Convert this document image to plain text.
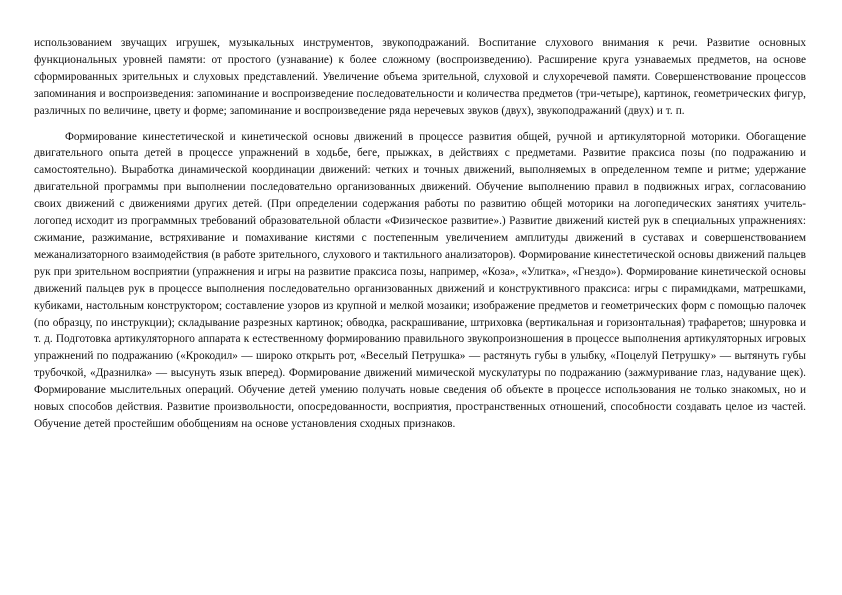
использованием звучащих игрушек, музыкальных инструментов, звукоподражаний. Воспитание слухового внимания к речи. Развитие основных функциональных уровней памяти: от простого (узнавание) к более сложному (воспроизведению). Расширение круга узнаваемых предметов, на основе сформированных зрительных и слуховых представлений. Увеличение объема зрительной, слуховой и слухоречевой памяти. Совершенствование процессов запоминания и воспроизведения: запоминание и воспроизведение последовательности и количества предметов (три-четыре), картинок, геометрических фигур, различных по величине, цвету и форме; запоминание и воспроизведение ряда неречевых звуков (двух), звукоподражаний (двух) и т. п.

Формирование кинестетической и кинетической основы движений в процессе развития общей, ручной и артикуляторной моторики. Обогащение двигательного опыта детей в процессе упражнений в ходьбе, беге, прыжках, в действиях с предметами. Развитие праксиса позы (по подражанию и самостоятельно). Выработка динамической координации движений: четких и точных движений, выполняемых в определенном темпе и ритме; удержание двигательной программы при выполнении последовательно организованных движений. Обучение выполнению правил в подвижных играх, согласованию своих движений с движениями других детей. (При определении содержания работы по развитию общей моторики на логопедических занятиях учитель-логопед исходит из программных требований образовательной области «Физическое развитие».) Развитие движений кистей рук в специальных упражнениях: сжимание, разжимание, встряхивание и помахивание кистями с постепенным увеличением амплитуды движений в суставах и совершенствованием межанализаторного взаимодействия (в работе зрительного, слухового и тактильного анализаторов). Формирование кинестетической основы движений пальцев рук при зрительном восприятии (упражнения и игры на развитие праксиса позы, например, «Коза», «Улитка», «Гнездо»). Формирование кинетической основы движений пальцев рук в процессе выполнения последовательно организованных движений и конструктивного праксиса: игры с пирамидками, матрешками, кубиками, настольным конструктором; составление узоров из крупной и мелкой мозаики; изображение предметов и геометрических форм с помощью палочек (по образцу, по инструкции); складывание разрезных картинок; обводка, раскрашивание, штриховка (вертикальная и горизонтальная) трафаретов; шнуровка и т. д. Подготовка артикуляторного аппарата к естественному формированию правильного звукопроизношения в процессе выполнения артикуляторных игровых упражнений по подражанию («Крокодил» — широко открыть рот, «Веселый Петрушка» — растянуть губы в улыбку, «Поцелуй Петрушку» — вытянуть губы трубочкой, «Дразнилка» — высунуть язык вперед). Формирование движений мимической мускулатуры по подражанию (зажмуривание глаз, надувание щек). Формирование мыслительных операций. Обучение детей умению получать новые сведения об объекте в процессе использования не только знакомых, но и новых способов действия. Развитие произвольности, опосредованности, восприятия, пространственных отношений, способности создавать целое из частей. Обучение детей простейшим обобщениям на основе установления сходных признаков.
